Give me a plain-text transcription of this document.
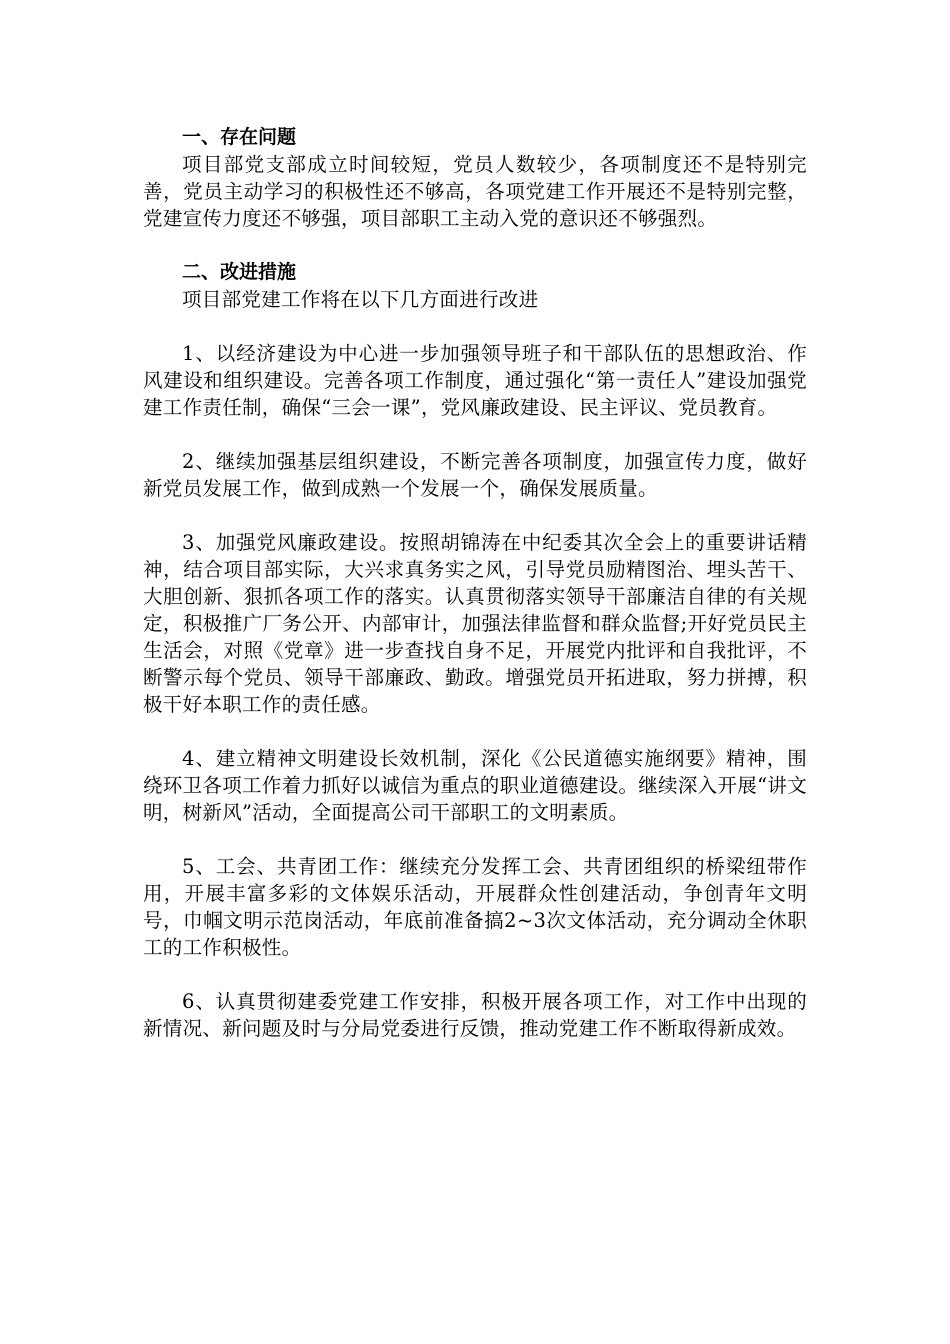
一、存在问题

项目部党支部成立时间较短，党员人数较少，各项制度还不是特别完善，党员主动学习的积极性还不够高，各项党建工作开展还不是特别完整，党建宣传力度还不够强，项目部职工主动入党的意识还不够强烈。

二、改进措施

项目部党建工作将在以下几方面进行改进

1、以经济建设为中心进一步加强领导班子和干部队伍的思想政治、作风建设和组织建设。完善各项工作制度，通过强化“第一责任人”建设加强党建工作责任制，确保“三会一课”，党风廉政建设、民主评议、党员教育。

2、继续加强基层组织建设，不断完善各项制度，加强宣传力度，做好新党员发展工作，做到成熟一个发展一个，确保发展质量。

3、加强党风廉政建设。按照胡锦涛在中纪委其次全会上的重要讲话精神，结合项目部实际，大兴求真务实之风，引导党员励精图治、埋头苦干、大胆创新、狠抓各项工作的落实。认真贯彻落实领导干部廉洁自律的有关规定，积极推广厂务公开、内部审计，加强法律监督和群众监督;开好党员民主生活会，对照《党章》进一步查找自身不足，开展党内批评和自我批评，不断警示每个党员、领导干部廉政、勤政。增强党员开拓进取，努力拼搏，积极干好本职工作的责任感。

4、建立精神文明建设长效机制，深化《公民道德实施纲要》精神，围绕环卫各项工作着力抓好以诚信为重点的职业道德建设。继续深入开展“讲文明，树新风”活动，全面提高公司干部职工的文明素质。

5、工会、共青团工作：继续充分发挥工会、共青团组织的桥梁纽带作用，开展丰富多彩的文体娱乐活动，开展群众性创建活动，争创青年文明号，巾帼文明示范岗活动，年底前准备搞2~3次文体活动，充分调动全休职工的工作积极性。

6、认真贯彻建委党建工作安排，积极开展各项工作，对工作中出现的新情况、新问题及时与分局党委进行反馈，推动党建工作不断取得新成效。
